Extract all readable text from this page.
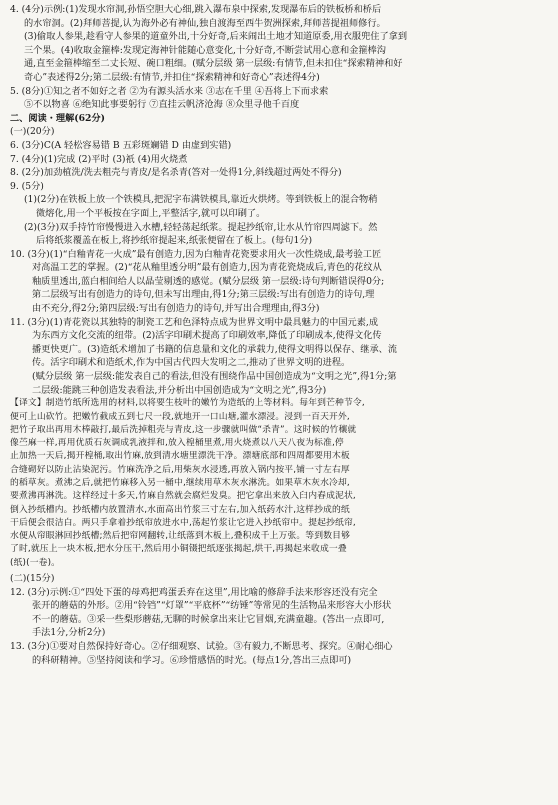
4. (4分)示例:(1)发现水帘洞,孙悟空胆大心细,跳入瀑布泉中探索,发现瀑布后的铁板桥和桥后
的水帘洞。(2)拜师菩提,认为海外必有神仙,独自渡海至西牛贺洲探索,拜师菩提祖师修行。
(3)偷取人参果,趁看守人参果的道童外出,十分好奇,后来闹出土地才知道原委,用衣服兜住了拿到
三个果。(4)收取金箍棒:发现定海神针能随心意变化,十分好奇,不断尝试用心意和金箍棒沟
通,直至金箍棒缩至二丈长短、碗口粗细。(赋分层级 第一层级:有情节,但未扣住“探索精神和好
奇心”表述得2分;第二层级:有情节,并扣住“探索精神和好奇心”表述得4分)
5. (8分)①知之者不如好之者 ②为有源头活水来 ③志在千里 ④吾将上下而求索
⑤不以物喜 ⑥绝知此事要躬行 ⑦直挂云帆济沧海 ⑧众里寻他千百度
二、阅读・理解(62分)
(一)(20分)
6. (3分)C(A 轻松容易错 B 五彩斑斓错 D 由虚到实错)
7. (4分)(1)完成 (2)平时 (3)祇 (4)用火烧煮
8. (2分)加劲植洗/洗去粗壳与青皮/是名杀青(答对一处得1分,斜线超过两处不得分)
9. (5分)
(1)(2分)在铁板上放一个铁模具,把泥字布满铁模具,靠近火烘烤。等到铁板上的混合物稍
微熔化,用一个平板按在字面上,平整活字,就可以印刷了。
(2)(3分)双手持竹帘慢慢进入水槽,轻轻荡起纸浆。提起抄纸帘,让水从竹帘四周滤下。然
后将纸浆覆盖在板上,将抄纸帘提起来,纸张便留在了板上。(每句1分)
10. (3分)(1)“白釉青花一火成”最有创造力,因为白釉青花瓷要求用火一次性烧成,最考验工匠
对高温工艺的掌握。(2)“花从釉里透分明”最有创造力,因为青花瓷烧成后,青色的花纹从
釉质里透出,蓝白相间给人以晶莹剔透的感觉。(赋分层级 第一层级:诗句判断错误得0分;
第二层级写出有创造力的诗句,但未写出理由,得1分;第三层级:写出有创造力的诗句,理
由不充分,得2分;第四层级:写出有创造力的诗句,并写出合理理由,得3分)
11. (3分)(1)青花瓷以其独特的制瓷工艺和色泽特点成为世界文明中最具魅力的中国元素,成
为东西方文化交流的纽带。(2)活字印刷术提高了印刷效率,降低了印刷成本,使得文化传
播更快更广。(3)造纸术增加了书籍的信息量和文化的承载力,使得文明得以保存、继承、流
传。活字印刷术和造纸术,作为中国古代四大发明之二,推动了世界文明的进程。
(赋分层级 第一层级:能发表自己的看法,但没有围绕作品中国创造成为“文明之光”,得1分;第
二层级:能跳三种创造发表看法,并分析出中国创造成为“文明之光”,得3分)
【译文】制造竹纸所选用的材料,以将要生枝叶的嫩竹为造纸的上等材料。每年到芒种节令,
便可上山砍竹。把嫩竹截成五到七尺一段,就地开一口山塘,灌水漂浸。浸到一百天开外,
把竹子取出再用木棒敲打,最后洗掉粗壳与青皮,这一步骤就叫做“杀青”。这时候的竹穰就
像苎麻一样,再用优质石灰调成乳液拌和,放入楻桶里煮,用火烧煮以八天八夜为标准,停
止加热一天后,揭开楻桶,取出竹麻,放到清水塘里漂洗干净。漂塘底部和四周都要用木板
合缝砌好以防止沾染泥污。竹麻洗净之后,用柴灰水浸透,再放入锅内按平,铺一寸左右厚
的稻草灰。煮沸之后,就把竹麻移入另一桶中,继续用草木灰水淋洗。如果草木灰水冷却,
要煮沸再淋洗。这样经过十多天,竹麻自然就会腐烂发臭。把它拿出来放入臼内舂成泥状,
倒入抄纸槽内。抄纸槽内放置清水,水面高出竹浆三寸左右,加入纸药水汁,这样抄成的纸
干后便会很洁白。两只手拿着抄纸帘放进水中,荡起竹浆让它进入抄纸帘中。提起抄纸帘,
水便从帘眼淋回抄纸槽;然后把帘网翻转,让纸落到木板上,叠积成千上万张。等到数目够
了时,就压上一块木板,把水分压干,然后用小铜镊把纸逐张揭起,烘干,再揭起来收成一叠
(纸)(一卷)。
(二)(15分)
12. (3分)示例:①“四处下蛋的母鸡把鸡蛋丢弃在这里”,用比喻的修辞手法来形容还没有完全
张开的蘑菇的外形。②用“铃铛”“灯罩”“平底杯”“纺锤”等常见的生活物品来形容大小形状
不一的蘑菇。③采一些梨形蘑菇,无聊的时候拿出来让它冒烟,充满童趣。(答出一点即可,
手法1分,分析2分)
13. (3分)①要对自然保持好奇心。②仔细观察、试验。③有毅力,不断思考、探究。④耐心细心
的科研精神。⑤坚持阅读和学习。⑥珍惜感悟的时光。(每点1分,答出三点即可)
